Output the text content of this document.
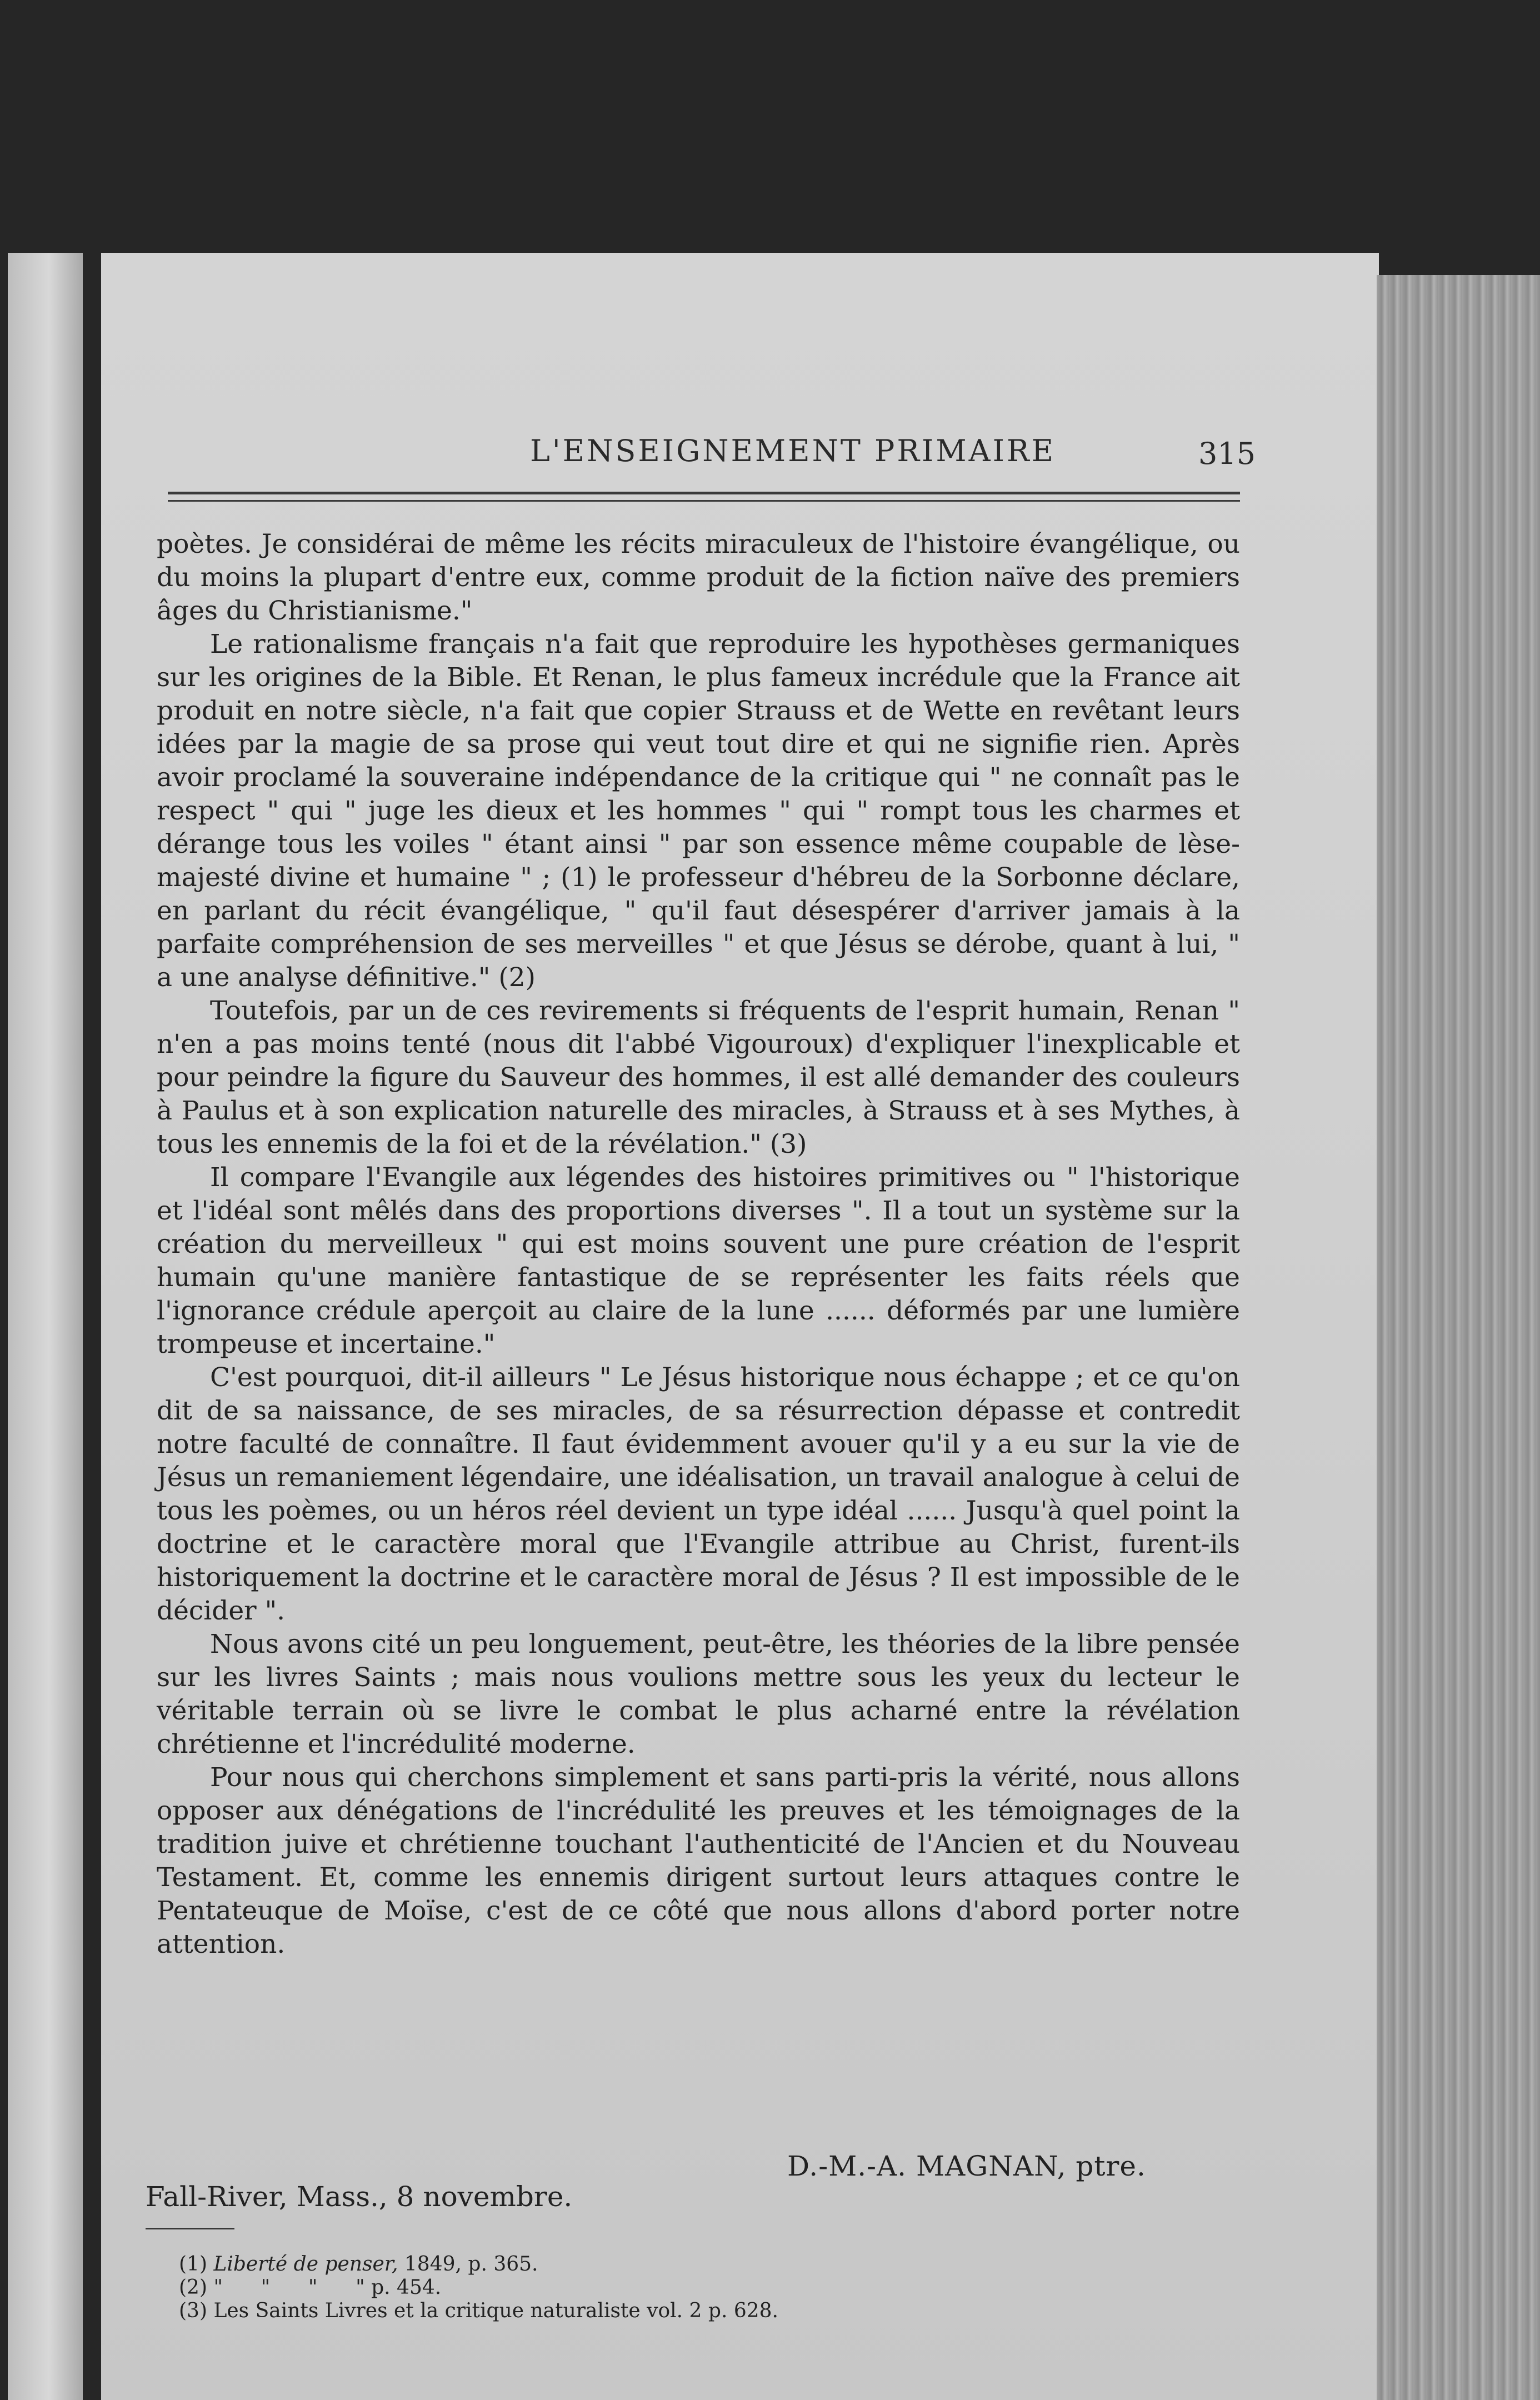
L'ENSEIGNEMENT PRIMAIRE	315

poètes. Je considérai de même les récits miraculeux de l'histoire évangélique, ou du moins la plupart d'entre eux, comme produit de la fiction naïve des premiers âges du Christianisme."

Le rationalisme français n'a fait que reproduire les hypothèses germaniques sur les origines de la Bible. Et Renan, le plus fameux incrédule que la France ait produit en notre siècle, n'a fait que copier Strauss et de Wette en revêtant leurs idées par la magie de sa prose qui veut tout dire et qui ne signifie rien. Après avoir proclamé la souveraine indépendance de la critique qui " ne connaît pas le respect " qui " juge les dieux et les hommes " qui " rompt tous les charmes et dérange tous les voiles " étant ainsi " par son essence même coupable de lèse-majesté divine et humaine " ; (1) le professeur d'hébreu de la Sorbonne déclare, en parlant du récit évangélique, " qu'il faut désespérer d'arriver jamais à la parfaite compréhension de ses merveilles " et que Jésus se dérobe, quant à lui, " a une analyse définitive." (2)

Toutefois, par un de ces revirements si fréquents de l'esprit humain, Renan " n'en a pas moins tenté (nous dit l'abbé Vigouroux) d'expliquer l'inexplicable et pour peindre la figure du Sauveur des hommes, il est allé demander des couleurs à Paulus et à son explication naturelle des miracles, à Strauss et à ses Mythes, à tous les ennemis de la foi et de la révélation." (3)

Il compare l'Evangile aux légendes des histoires primitives ou " l'historique et l'idéal sont mêlés dans des proportions diverses ". Il a tout un système sur la création du merveilleux " qui est moins souvent une pure création de l'esprit humain qu'une manière fantastique de se représenter les faits réels que l'ignorance crédule aperçoit au claire de la lune ...... déformés par une lumière trompeuse et incertaine."

C'est pourquoi, dit-il ailleurs " Le Jésus historique nous échappe ; et ce qu'on dit de sa naissance, de ses miracles, de sa résurrection dépasse et contredit notre faculté de connaître. Il faut évidemment avouer qu'il y a eu sur la vie de Jésus un remaniement légendaire, une idéalisation, un travail analogue à celui de tous les poèmes, ou un héros réel devient un type idéal ...... Jusqu'à quel point la doctrine et le caractère moral que l'Evangile attribue au Christ, furent-ils historiquement la doctrine et le caractère moral de Jésus ? Il est impossible de le décider ".

Nous avons cité un peu longuement, peut-être, les théories de la libre pensée sur les livres Saints ; mais nous voulions mettre sous les yeux du lecteur le véritable terrain où se livre le combat le plus acharné entre la révélation chrétienne et l'incrédulité moderne.

Pour nous qui cherchons simplement et sans parti-pris la vérité, nous allons opposer aux dénégations de l'incrédulité les preuves et les témoignages de la tradition juive et chrétienne touchant l'authenticité de l'Ancien et du Nouveau Testament. Et, comme les ennemis dirigent surtout leurs attaques contre le Pentateuque de Moïse, c'est de ce côté que nous allons d'abord porter notre attention.

D.-M.-A. MAGNAN, ptre.
Fall-River, Mass., 8 novembre.
(1) Liberté de penser, 1849, p. 365.
(2) "      "      "      " p. 454.
(3) Les Saints Livres et la critique naturaliste vol. 2 p. 628.
